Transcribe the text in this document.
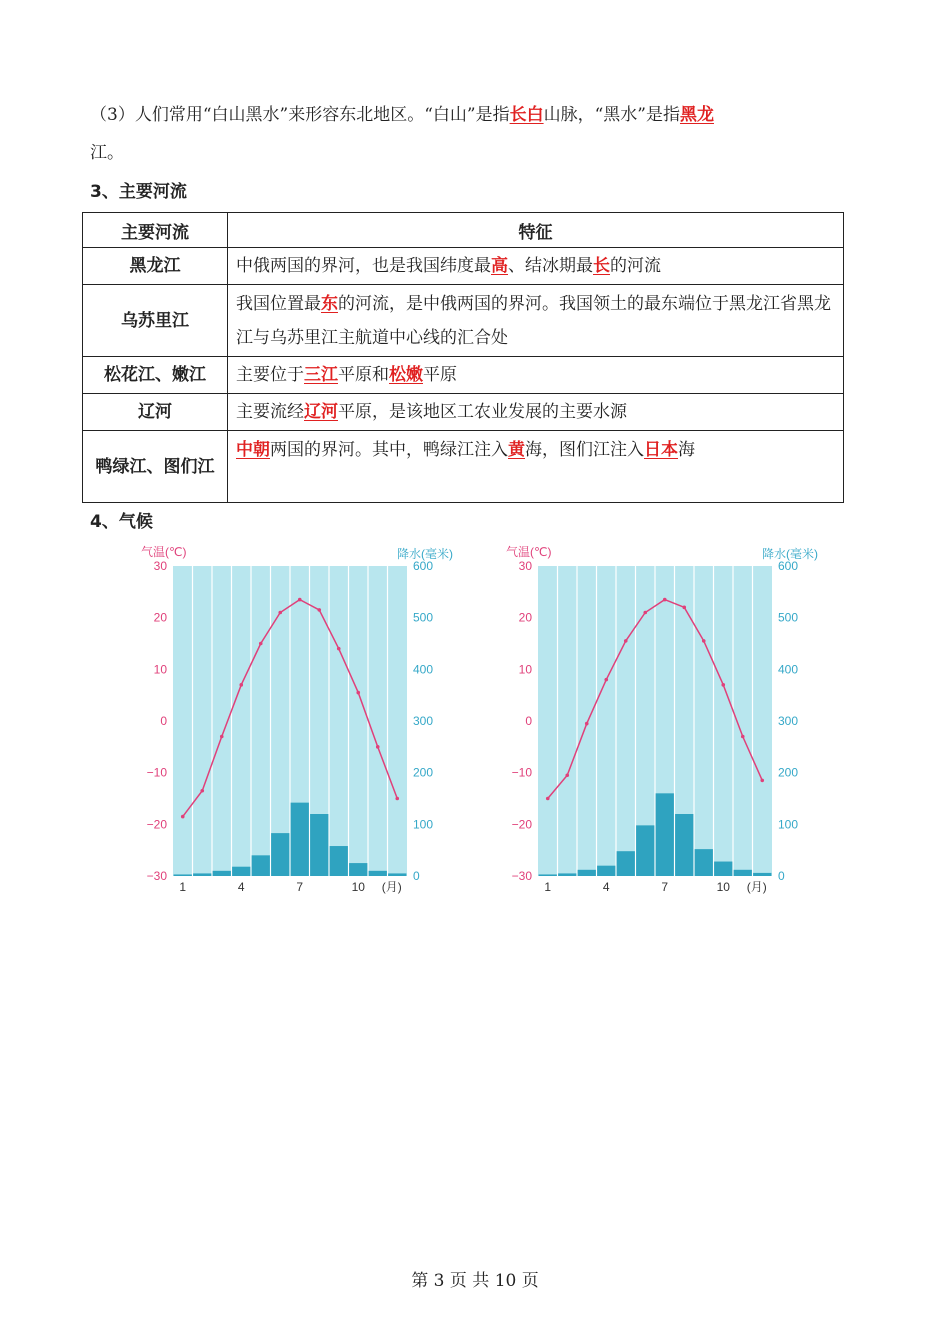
（3）人们常用“白山黑水”来形容东北地区。“白山”是指长白山脉，“黑水”是指黑龙
江。
3、主要河流
主要河流	特征
黑龙江	中俄两国的界河，也是我国纬度最高、结冰期最长的河流
乌苏里江	我国位置最东的河流，是中俄两国的界河。我国领土的最东端位于黑龙江省黑龙江与乌苏里江主航道中心线的汇合处
松花江、嫩江	主要位于三江平原和松嫩平原
辽河	主要流经辽河平原，是该地区工农业发展的主要水源
鸭绿江、图们江	中朝两国的界河。其中，鸭绿江注入黄海，图们江注入日本海
4、气候
气温(℃)	降水(毫米)
30
20
10
0
−10
−20
−30
600
500
400
300
200
100
0
1	4	7	10 (月)
气温(℃)	降水(毫米)
30
20
10
0
−10
−20
−30
600
500
400
300
200
100
0
1	4	7	10 (月)
第 3 页 共 10 页
